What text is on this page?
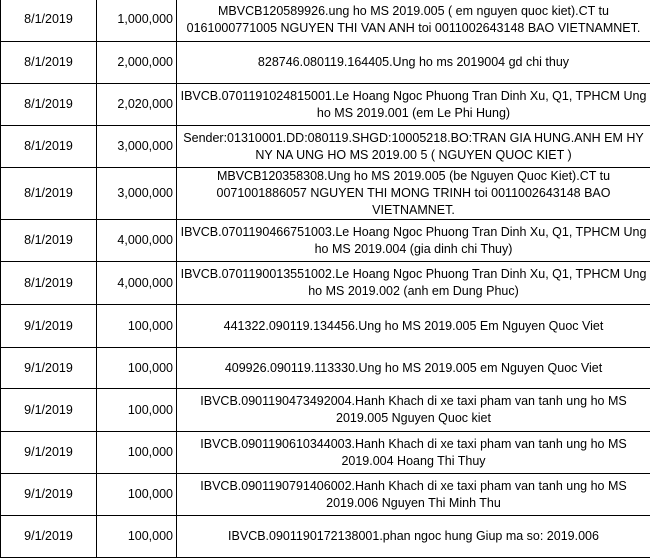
8/1/2019	1,000,000	MBVCB120589926.ung ho MS 2019.005 ( em nguyen quoc kiet).CT tu 0161000771005 NGUYEN THI VAN ANH toi 0011002643148 BAO VIETNAMNET.
8/1/2019	2,000,000	828746.080119.164405.Ung ho ms 2019004 gd chi thuy
8/1/2019	2,020,000	IBVCB.0701191024815001.Le Hoang Ngoc Phuong Tran Dinh Xu, Q1, TPHCM Ung ho MS 2019.001 (em Le Phi Hung)
8/1/2019	3,000,000	Sender:01310001.DD:080119.SHGD:10005218.BO:TRAN GIA HUNG.ANH EM HY NY NA UNG HO MS 2019.00 5 ( NGUYEN QUOC KIET )
8/1/2019	3,000,000	MBVCB120358308.Ung ho MS 2019.005 (be Nguyen Quoc Kiet).CT tu 0071001886057 NGUYEN THI MONG TRINH toi 0011002643148 BAO VIETNAMNET.
8/1/2019	4,000,000	IBVCB.0701190466751003.Le Hoang Ngoc Phuong Tran Dinh Xu, Q1, TPHCM Ung ho MS 2019.004 (gia dinh chi Thuy)
8/1/2019	4,000,000	IBVCB.0701190013551002.Le Hoang Ngoc Phuong Tran Dinh Xu, Q1, TPHCM Ung ho MS 2019.002 (anh em Dung Phuc)
9/1/2019	100,000	441322.090119.134456.Ung ho MS 2019.005 Em Nguyen Quoc Viet
9/1/2019	100,000	409926.090119.113330.Ung ho MS 2019.005 em Nguyen Quoc Viet
9/1/2019	100,000	IBVCB.0901190473492004.Hanh Khach di xe taxi pham van tanh ung ho MS 2019.005 Nguyen Quoc kiet
9/1/2019	100,000	IBVCB.0901190610344003.Hanh Khach di xe taxi pham van tanh ung ho MS 2019.004 Hoang Thi Thuy
9/1/2019	100,000	IBVCB.0901190791406002.Hanh Khach di xe taxi pham van tanh ung ho MS 2019.006 Nguyen Thi Minh Thu
9/1/2019	100,000	IBVCB.0901190172138001.phan ngoc hung Giup ma so: 2019.006
